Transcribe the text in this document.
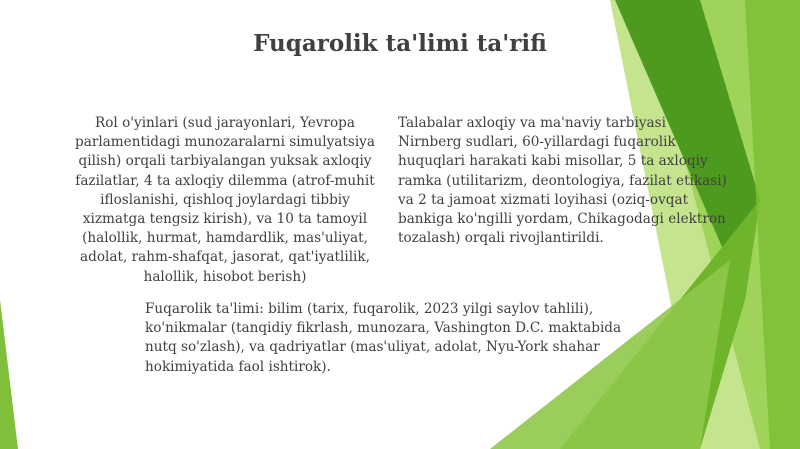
Fuqarolik ta'limi ta'rifi
Rol o'yinlari (sud jarayonlari, Yevropa
parlamentidagi munozaralarni simulyatsiya
qilish) orqali tarbiyalangan yuksak axloqiy
fazilatlar, 4 ta axloqiy dilemma (atrof-muhit
ifloslanishi, qishloq joylardagi tibbiy
xizmatga tengsiz kirish), va 10 ta tamoyil
(halollik, hurmat, hamdardlik, mas'uliyat,
adolat, rahm-shafqat, jasorat, qat'iyatlilik,
halollik, hisobot berish)
Talabalar axloqiy va ma'naviy tarbiyasi
Nirnberg sudlari, 60-yillardagi fuqarolik
huquqlari harakati kabi misollar, 5 ta axloqiy
ramka (utilitarizm, deontologiya, fazilat etikasi)
va 2 ta jamoat xizmati loyihasi (oziq-ovqat
bankiga ko'ngilli yordam, Chikagodagi elektron
tozalash) orqali rivojlantirildi.
Fuqarolik ta'limi: bilim (tarix, fuqarolik, 2023 yilgi saylov tahlili),
ko'nikmalar (tanqidiy fikrlash, munozara, Vashington D.C. maktabida
nutq so'zlash), va qadriyatlar (mas'uliyat, adolat, Nyu-York shahar
hokimiyatida faol ishtirok).
